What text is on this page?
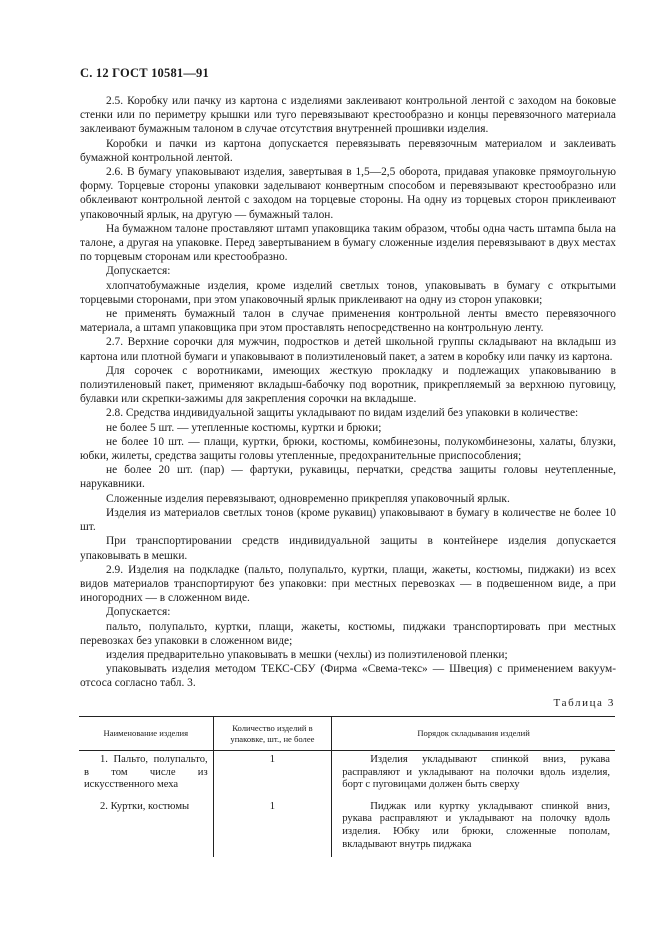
С. 12 ГОСТ 10581—91

2.5. Коробку или пачку из картона с изделиями заклеивают контрольной лентой с заходом на боковые стенки или по периметру крышки или туго перевязывают крестообразно и концы перевязочного материала заклеивают бумажным талоном в случае отсутствия внутренней прошивки изделия.

Коробки и пачки из картона допускается перевязывать перевязочным материалом и заклеивать бумажной контрольной лентой.

2.6. В бумагу упаковывают изделия, завертывая в 1,5—2,5 оборота, придавая упаковке прямоугольную форму. Торцевые стороны упаковки заделывают конвертным способом и перевязывают крестообразно или обклеивают контрольной лентой с заходом на торцевые стороны. На одну из торцевых сторон приклеивают упаковочный ярлык, на другую — бумажный талон.

На бумажном талоне проставляют штамп упаковщика таким образом, чтобы одна часть штампа была на талоне, а другая на упаковке. Перед завертыванием в бумагу сложенные изделия перевязывают в двух местах по торцевым сторонам или крестообразно.

Допускается:

хлопчатобумажные изделия, кроме изделий светлых тонов, упаковывать в бумагу с открытыми торцевыми сторонами, при этом упаковочный ярлык приклеивают на одну из сторон упаковки;

не применять бумажный талон в случае применения контрольной ленты вместо перевязочного материала, а штамп упаковщика при этом проставлять непосредственно на контрольную ленту.

2.7. Верхние сорочки для мужчин, подростков и детей школьной группы складывают на вкладыш из картона или плотной бумаги и упаковывают в полиэтиленовый пакет, а затем в коробку или пачку из картона.

Для сорочек с воротниками, имеющих жесткую прокладку и подлежащих упаковыванию в полиэтиленовый пакет, применяют вкладыш-бабочку под воротник, прикрепляемый за верхнюю пуговицу, булавки или скрепки-зажимы для закрепления сорочки на вкладыше.

2.8. Средства индивидуальной защиты укладывают по видам изделий без упаковки в количестве:

не более 5 шт. — утепленные костюмы, куртки и брюки;

не более 10 шт. — плащи, куртки, брюки, костюмы, комбинезоны, полукомбинезоны, халаты, блузки, юбки, жилеты, средства защиты головы утепленные, предохранительные приспособления;

не более 20 шт. (пар) — фартуки, рукавицы, перчатки, средства защиты головы неутепленные, нарукавники.

Сложенные изделия перевязывают, одновременно прикрепляя упаковочный ярлык.

Изделия из материалов светлых тонов (кроме рукавиц) упаковывают в бумагу в количестве не более 10 шт.

При транспортировании средств индивидуальной защиты в контейнере изделия допускается упаковывать в мешки.

2.9. Изделия на подкладке (пальто, полупальто, куртки, плащи, жакеты, костюмы, пиджаки) из всех видов материалов транспортируют без упаковки: при местных перевозках — в подвешенном виде, а при иногородних — в сложенном виде.

Допускается:

пальто, полупальто, куртки, плащи, жакеты, костюмы, пиджаки транспортировать при местных перевозках без упаковки в сложенном виде;

изделия предварительно упаковывать в мешки (чехлы) из полиэтиленовой пленки;

упаковывать изделия методом ТЕКС-СБУ (Фирма «Свема-текс» — Швеция) с применением вакуум-отсоса согласно табл. 3.

Таблица 3
Наименование изделия	Количество изделий в упаковке, шт., не более	Порядок складывания изделий
1. Пальто, полупальто, в том числе из искусственного меха	1	Изделия укладывают спинкой вниз, рукава расправляют и укладывают на полочки вдоль изделия, борт с пуговицами должен быть сверху
2. Куртки, костюмы	1	Пиджак или куртку укладывают спинкой вниз, рукава расправляют и укладывают на полочку вдоль изделия. Юбку или брюки, сложенные пополам, вкладывают внутрь пиджака
